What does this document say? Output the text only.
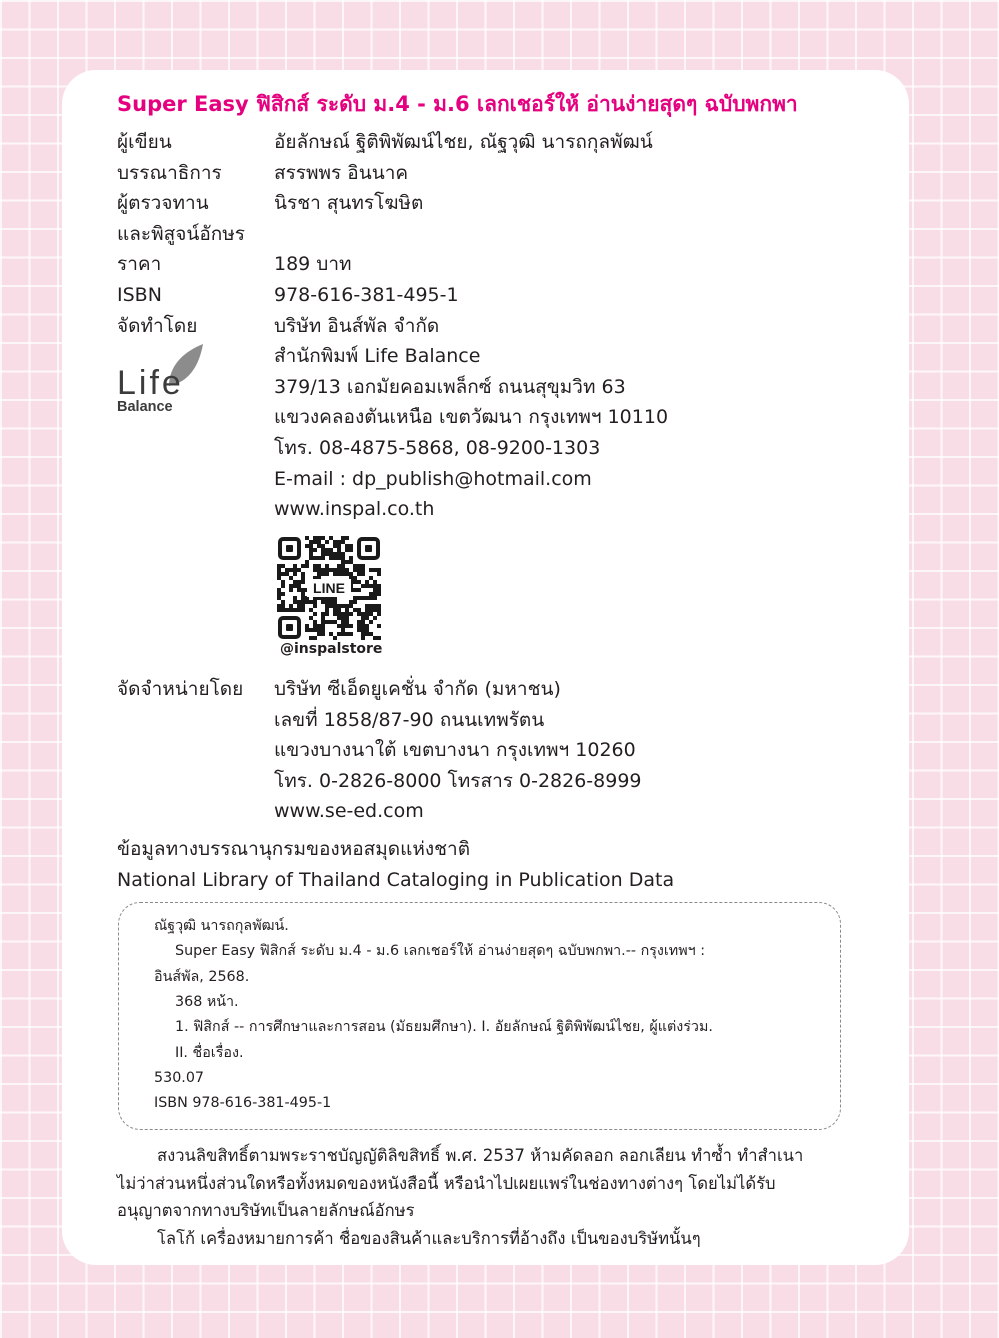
Super Easy ฟิสิกส์ ระดับ ม.4 - ม.6 เลกเชอร์ให้ อ่านง่ายสุดๆ ฉบับพกพา
ผู้เขียน	อัยลักษณ์ ฐิติพิพัฒน์ไชย, ณัฐวุฒิ นารถกุลพัฒน์
บรรณาธิการ	สรรพพร อินนาค
ผู้ตรวจทาน	นิรชา สุนทรโฆษิต
และพิสูจน์อักษร
ราคา	189 บาท
ISBN	978-616-381-495-1
จัดทำโดย	บริษัท อินส์พัล จำกัด
สำนักพิมพ์ Life Balance
379/13 เอกมัยคอมเพล็กซ์ ถนนสุขุมวิท 63
แขวงคลองตันเหนือ เขตวัฒนา กรุงเทพฯ 10110
โทร. 08-4875-5868, 08-9200-1303
E-mail : dp_publish@hotmail.com
www.inspal.co.th
Life
Balance
LINE
@inspalstore
จัดจำหน่ายโดย บริษัท ซีเอ็ดยูเคชั่น จำกัด (มหาชน)
เลขที่ 1858/87-90 ถนนเทพรัตน
แขวงบางนาใต้ เขตบางนา กรุงเทพฯ 10260
โทร. 0-2826-8000 โทรสาร 0-2826-8999
www.se-ed.com
ข้อมูลทางบรรณานุกรมของหอสมุดแห่งชาติ
National Library of Thailand Cataloging in Publication Data
ณัฐวุฒิ นารถกุลพัฒน์.
Super Easy ฟิสิกส์ ระดับ ม.4 - ม.6 เลกเชอร์ให้ อ่านง่ายสุดๆ ฉบับพกพา.-- กรุงเทพฯ :
อินส์พัล, 2568.
368 หน้า.
1. ฟิสิกส์ -- การศึกษาและการสอน (มัธยมศึกษา). I. อัยลักษณ์ ฐิติพิพัฒน์ไชย, ผู้แต่งร่วม.
II. ชื่อเรื่อง.
530.07
ISBN 978-616-381-495-1
สงวนลิขสิทธิ์ตามพระราชบัญญัติลิขสิทธิ์ พ.ศ. 2537 ห้ามคัดลอก ลอกเลียน ทำซ้ำ ทำสำเนา
ไม่ว่าส่วนหนึ่งส่วนใดหรือทั้งหมดของหนังสือนี้ หรือนำไปเผยแพร่ในช่องทางต่างๆ โดยไม่ได้รับ
อนุญาตจากทางบริษัทเป็นลายลักษณ์อักษร
โลโก้ เครื่องหมายการค้า ชื่อของสินค้าและบริการที่อ้างถึง เป็นของบริษัทนั้นๆ
